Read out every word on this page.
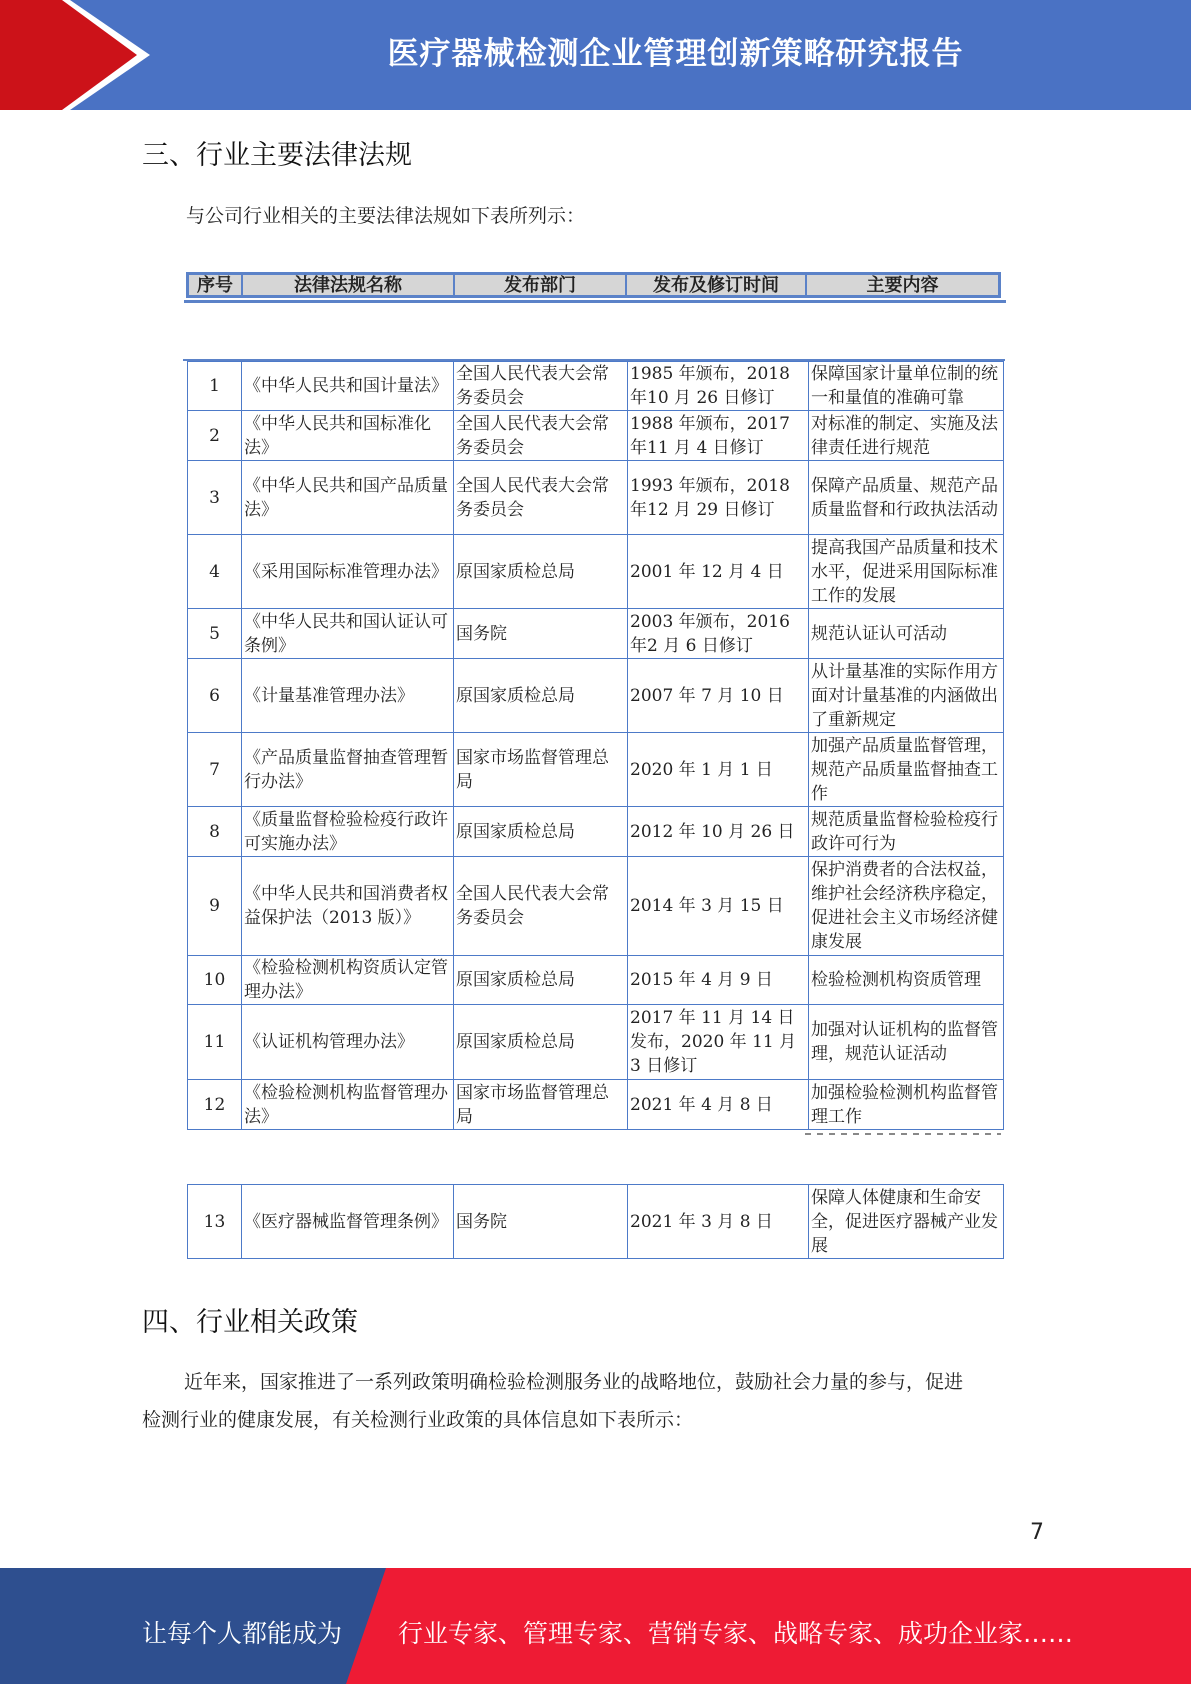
医疗器械检测企业管理创新策略研究报告
三、行业主要法律法规
与公司行业相关的主要法律法规如下表所列示：
序号	法律法规名称	发布部门	发布及修订时间	主要内容
1	《中华人民共和国计量法》	全国人民代表大会常务委员会	1985 年颁布，2018 年10 月 26 日修订	保障国家计量单位制的统一和量值的准确可靠
2	《中华人民共和国标准化法》	全国人民代表大会常务委员会	1988 年颁布，2017 年11 月 4 日修订	对标准的制定、实施及法律责任进行规范
3	《中华人民共和国产品质量法》	全国人民代表大会常务委员会	1993 年颁布，2018 年12 月 29 日修订	保障产品质量、规范产品质量监督和行政执法活动
4	《采用国际标准管理办法》	原国家质检总局	2001 年 12 月 4 日	提高我国产品质量和技术水平，促进采用国际标准工作的发展
5	《中华人民共和国认证认可条例》	国务院	2003 年颁布，2016 年2 月 6 日修订	规范认证认可活动
6	《计量基准管理办法》	原国家质检总局	2007 年 7 月 10 日	从计量基准的实际作用方面对计量基准的内涵做出了重新规定
7	《产品质量监督抽查管理暂行办法》	国家市场监督管理总局	2020 年 1 月 1 日	加强产品质量监督管理，规范产品质量监督抽查工作
8	《质量监督检验检疫行政许可实施办法》	原国家质检总局	2012 年 10 月 26 日	规范质量监督检验检疫行政许可行为
9	《中华人民共和国消费者权益保护法（2013 版）》	全国人民代表大会常务委员会	2014 年 3 月 15 日	保护消费者的合法权益，维护社会经济秩序稳定，促进社会主义市场经济健康发展
10	《检验检测机构资质认定管理办法》	原国家质检总局	2015 年 4 月 9 日	检验检测机构资质管理
11	《认证机构管理办法》	原国家质检总局	2017 年 11 月 14 日发布，2020 年 11 月 3 日修订	加强对认证机构的监督管理，规范认证活动
12	《检验检测机构监督管理办法》	国家市场监督管理总局	2021 年 4 月 8 日	加强检验检测机构监督管理工作
13	《医疗器械监督管理条例》	国务院	2021 年 3 月 8 日	保障人体健康和生命安全，促进医疗器械产业发展
四、行业相关政策
近年来，国家推进了一系列政策明确检验检测服务业的战略地位，鼓励社会力量的参与，促进
检测行业的健康发展，有关检测行业政策的具体信息如下表所示：
7
让每个人都能成为 行业专家、管理专家、营销专家、战略专家、成功企业家……
